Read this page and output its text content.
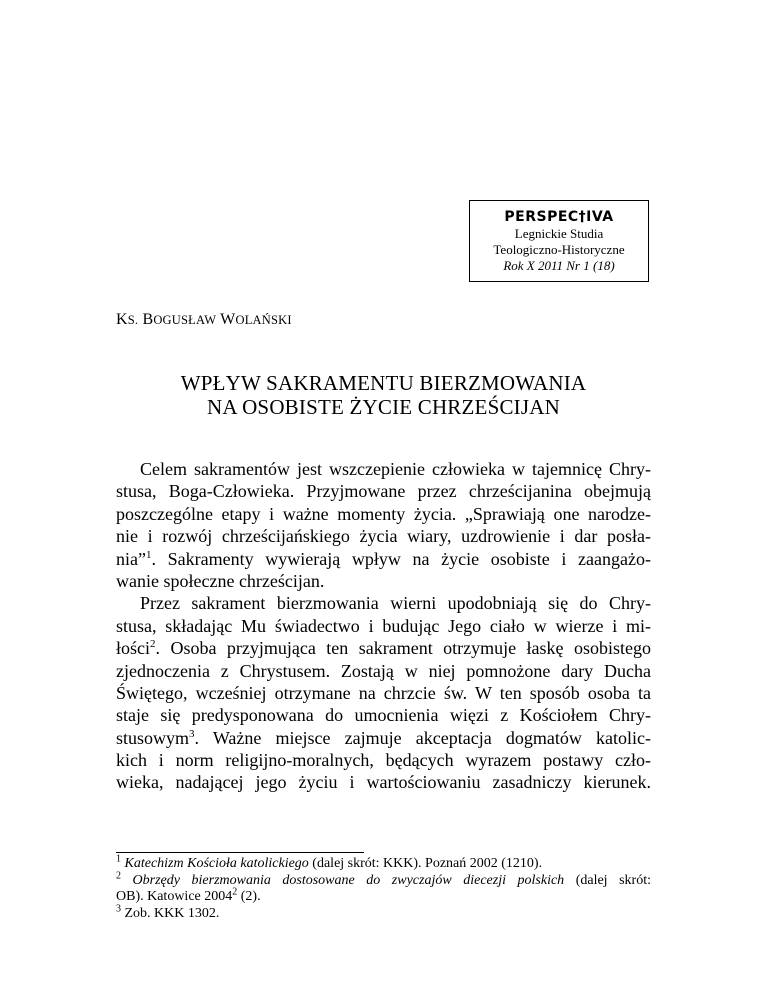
PERSPEC†IVA
Legnickie Studia
Teologiczno-Historyczne
Rok X 2011 Nr 1 (18)
KS. BOGUSŁAW WOLAŃSKI
WPŁYW SAKRAMENTU BIERZMOWANIA
NA OSOBISTE ŻYCIE CHRZEŚCIJAN
Celem sakramentów jest wszczepienie człowieka w tajemnicę Chry-
stusa, Boga-Człowieka. Przyjmowane przez chrześcijanina obejmują
poszczególne etapy i ważne momenty życia. „Sprawiają one narodze-
nie i rozwój chrześcijańskiego życia wiary, uzdrowienie i dar posła-
nia”$^1$. Sakramenty wywierają wpływ na życie osobiste i zaangażo-
wanie społeczne chrześcijan.
Przez sakrament bierzmowania wierni upodobniają się do Chry-
stusa, składając Mu świadectwo i budując Jego ciało w wierze i mi-
łości$^2$. Osoba przyjmująca ten sakrament otrzymuje łaskę osobistego
zjednoczenia z Chrystusem. Zostają w niej pomnożone dary Ducha
Świętego, wcześniej otrzymane na chrzcie św. W ten sposób osoba ta
staje się predysponowana do umocnienia więzi z Kościołem Chry-
stusowym$^3$. Ważne miejsce zajmuje akceptacja dogmatów katolic-
kich i norm religijno-moralnych, będących wyrazem postawy czło-
wieka, nadającej jego życiu i wartościowaniu zasadniczy kierunek.
$^1$ Katechizm Kościoła katolickiego (dalej skrót: KKK). Poznań 2002 (1210).
$^2$ Obrzędy bierzmowania dostosowane do zwyczajów diecezji polskich (dalej skrót:
OB). Katowice 2004$^2$ (2).
$^3$ Zob. KKK 1302.
